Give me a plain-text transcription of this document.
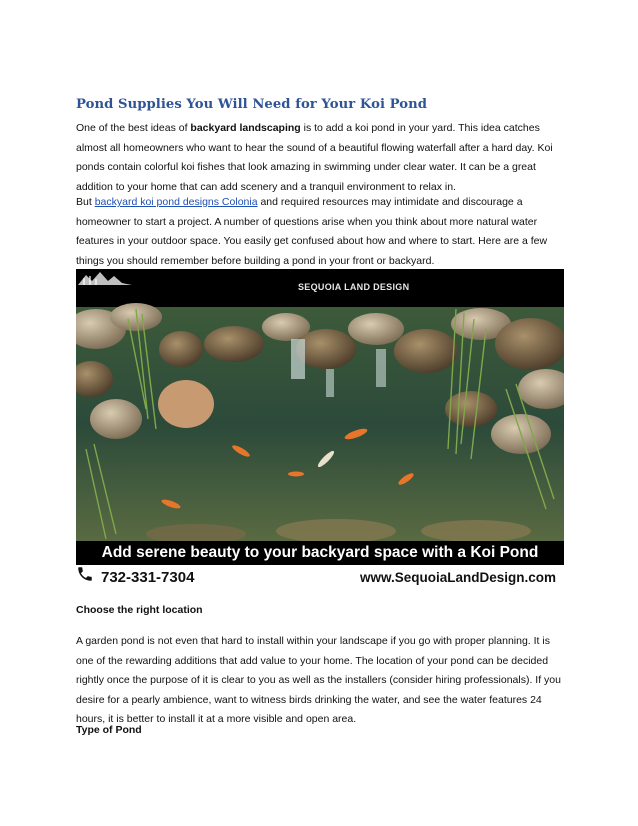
Pond Supplies You Will Need for Your Koi Pond

One of the best ideas of backyard landscaping is to add a koi pond in your yard. This idea catches almost all homeowners who want to hear the sound of a beautiful flowing waterfall after a hard day. Koi ponds contain colorful koi fishes that look amazing in swimming under clear water. It can be a great addition to your home that can add scenery and a tranquil environment to relax in.

But backyard koi pond designs Colonia and required resources may intimidate and discourage a homeowner to start a project. A number of questions arise when you think about more natural water features in your outdoor space. You easily get confused about how and where to start. Here are a few things you should remember before building a pond in your front or backyard.

SEQUOIA LAND DESIGN
Add serene beauty to your backyard space with a Koi Pond
732-331-7304	www.SequoiaLandDesign.com
Choose the right location

A garden pond is not even that hard to install within your landscape if you go with proper planning. It is one of the rewarding additions that add value to your home. The location of your pond can be decided rightly once the purpose of it is clear to you as well as the installers (consider hiring professionals). If you desire for a pearly ambience, want to witness birds drinking the water, and see the water features 24 hours, it is better to install it at a more visible and open area.

Type of Pond
